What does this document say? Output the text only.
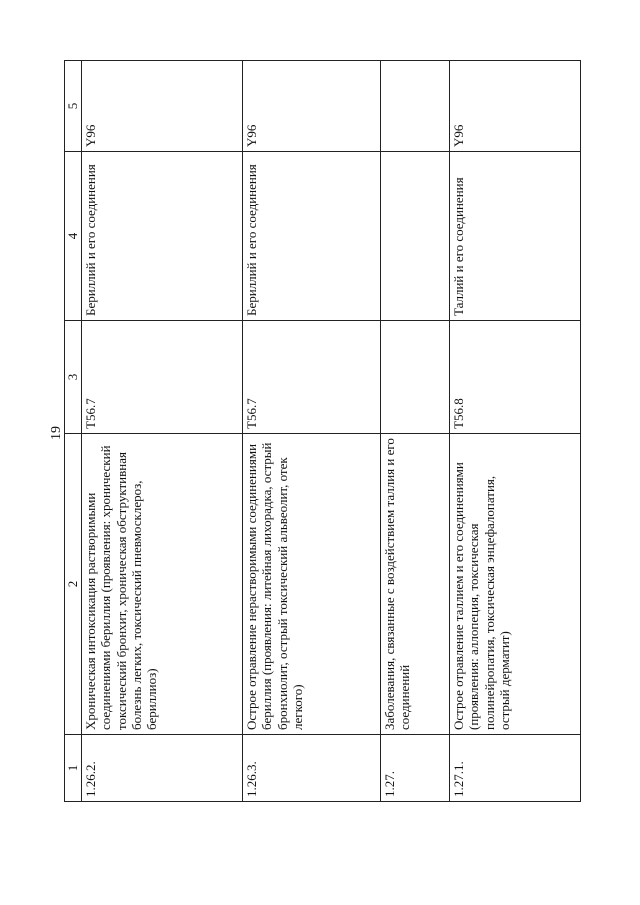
19
1	2	3	4	5
1.26.2.	Хроническая интоксикация растворимыми соединениями бериллия (проявления: хронический токсический бронхит, хроническая обструктивная болезнь легких, токсический пневмосклероз, бериллиоз)	T56.7	Бериллий и его соединения	Y96
1.26.3.	Острое отравление нерастворимыми соединениями бериллия (проявления: литейная лихорадка, острый бронхиолит, острый токсический альвеолит, отек легкого)	T56.7	Бериллий и его соединения	Y96
1.27.	Заболевания, связанные с воздействием таллия и его соединений			
1.27.1.	Острое отравление таллием и его соединениями (проявления: аллопеция, токсическая полинейропатия, токсическая энцефалопатия, острый дерматит)	T56.8	Таллий и его соединения	Y96
